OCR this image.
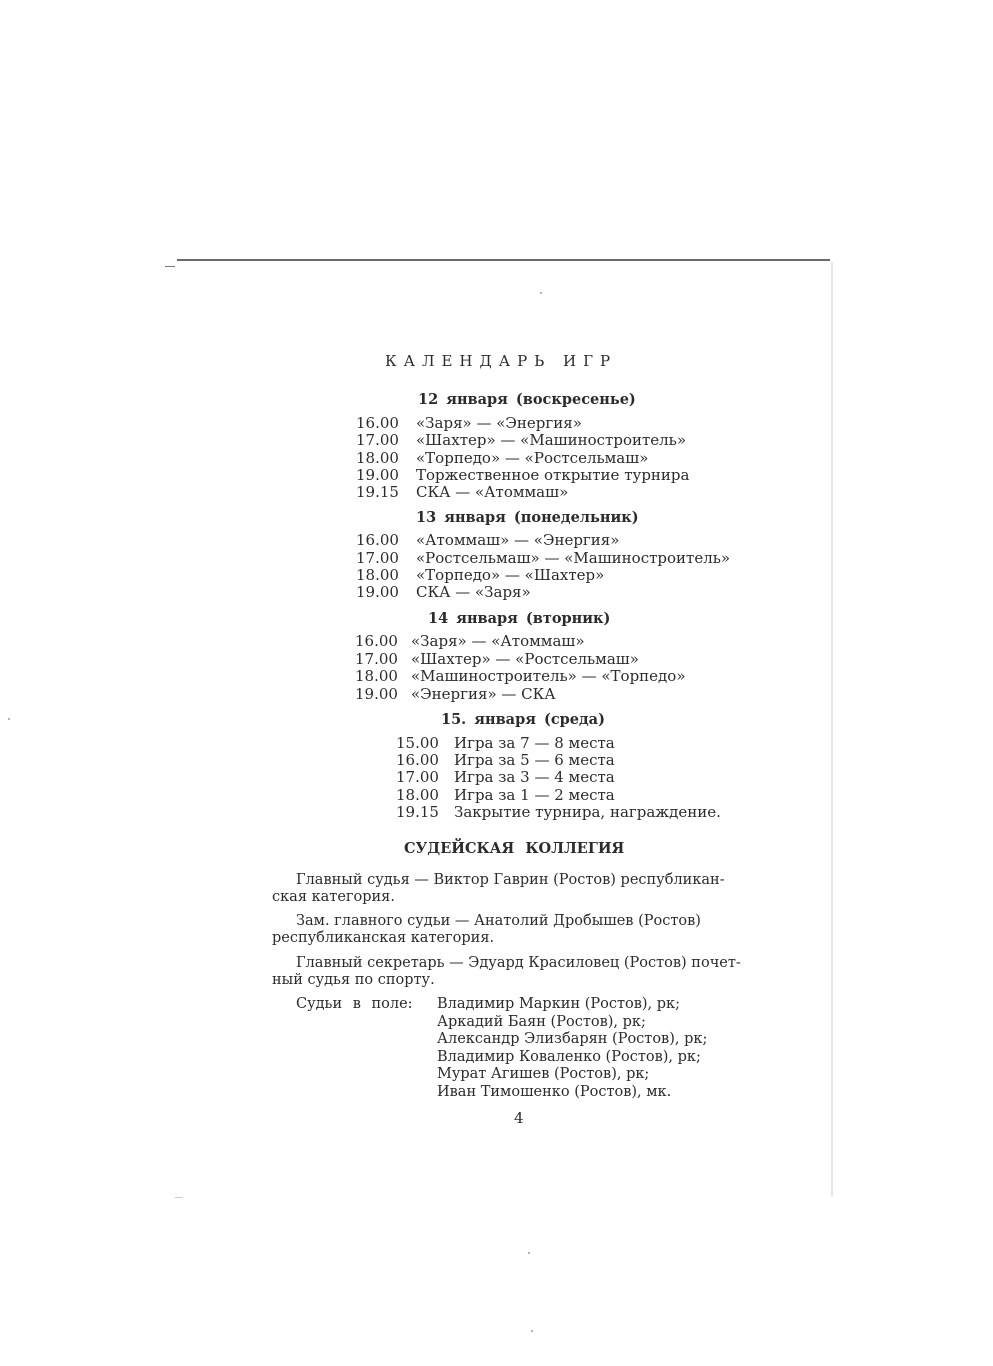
КАЛЕНДАРЬ ИГР
12 января (воскресенье)
16.00 «Заря» — «Энергия»
17.00 «Шахтер» — «Машиностроитель»
18.00 «Торпедо» — «Ростсельмаш»
19.00 Торжественное открытие турнира
19.15 СКА — «Атоммаш»
13 января (понедельник)
16.00 «Атоммаш» — «Энергия»
17.00 «Ростсельмаш» — «Машиностроитель»
18.00 «Торпедо» — «Шахтер»
19.00 СКА — «Заря»
14 января (вторник)
16.00 «Заря» — «Атоммаш»
17.00 «Шахтер» — «Ростсельмаш»
18.00 «Машиностроитель» — «Торпедо»
19.00 «Энергия» — СКА
15. января (среда)
15.00 Игра за 7 — 8 места
16.00 Игра за 5 — 6 места
17.00 Игра за 3 — 4 места
18.00 Игра за 1 — 2 места
19.15 Закрытие турнира, награждение.
СУДЕЙСКАЯ КОЛЛЕГИЯ
Главный судья — Виктор Гаврин (Ростов) республикан-
ская категория.
Зам. главного судьи — Анатолий Дробышев (Ростов)
республиканская категория.
Главный секретарь — Эдуард Красиловец (Ростов) почет-
ный судья по спорту.
Судьи в поле: Владимир Маркин (Ростов), рк;
Аркадий Баян (Ростов), рк;
Александр Элизбарян (Ростов), рк;
Владимир Коваленко (Ростов), рк;
Мурат Агишев (Ростов), рк;
Иван Тимошенко (Ростов), мк.
4
